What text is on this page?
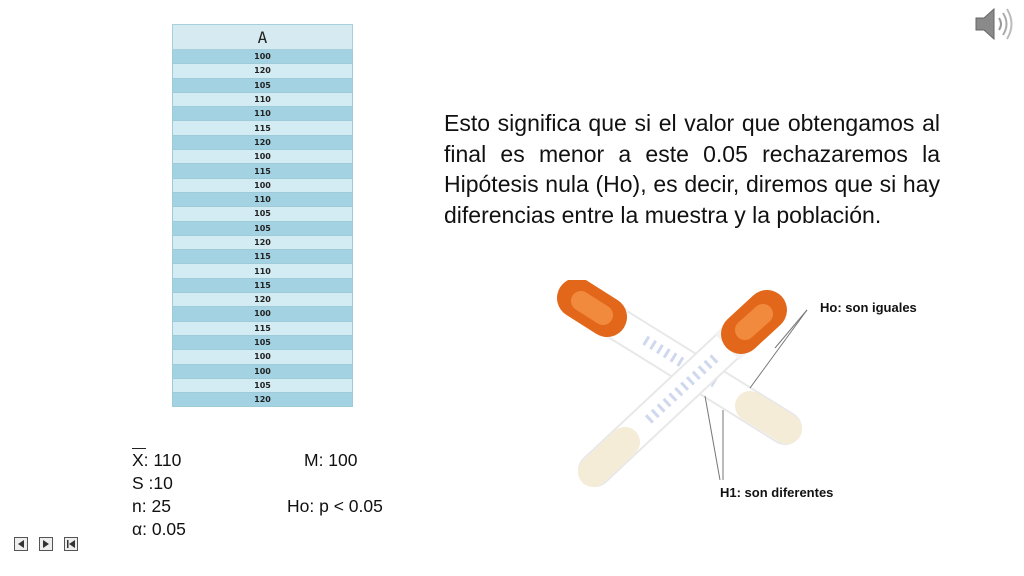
A
100
120
105
110
110
115
120
100
115
100
110
105
105
120
115
110
115
120
100
115
105
100
100
105
120

Esto significa que si el valor que obtengamos al final es menor a este 0.05 rechazaremos la Hipótesis nula (Ho), es decir, diremos que si hay diferencias entre la muestra y la población.

X: 110	M: 100
S :10
n: 25	Ho: p < 0.05
α: 0.05
Ho: son iguales
H1: son diferentes
